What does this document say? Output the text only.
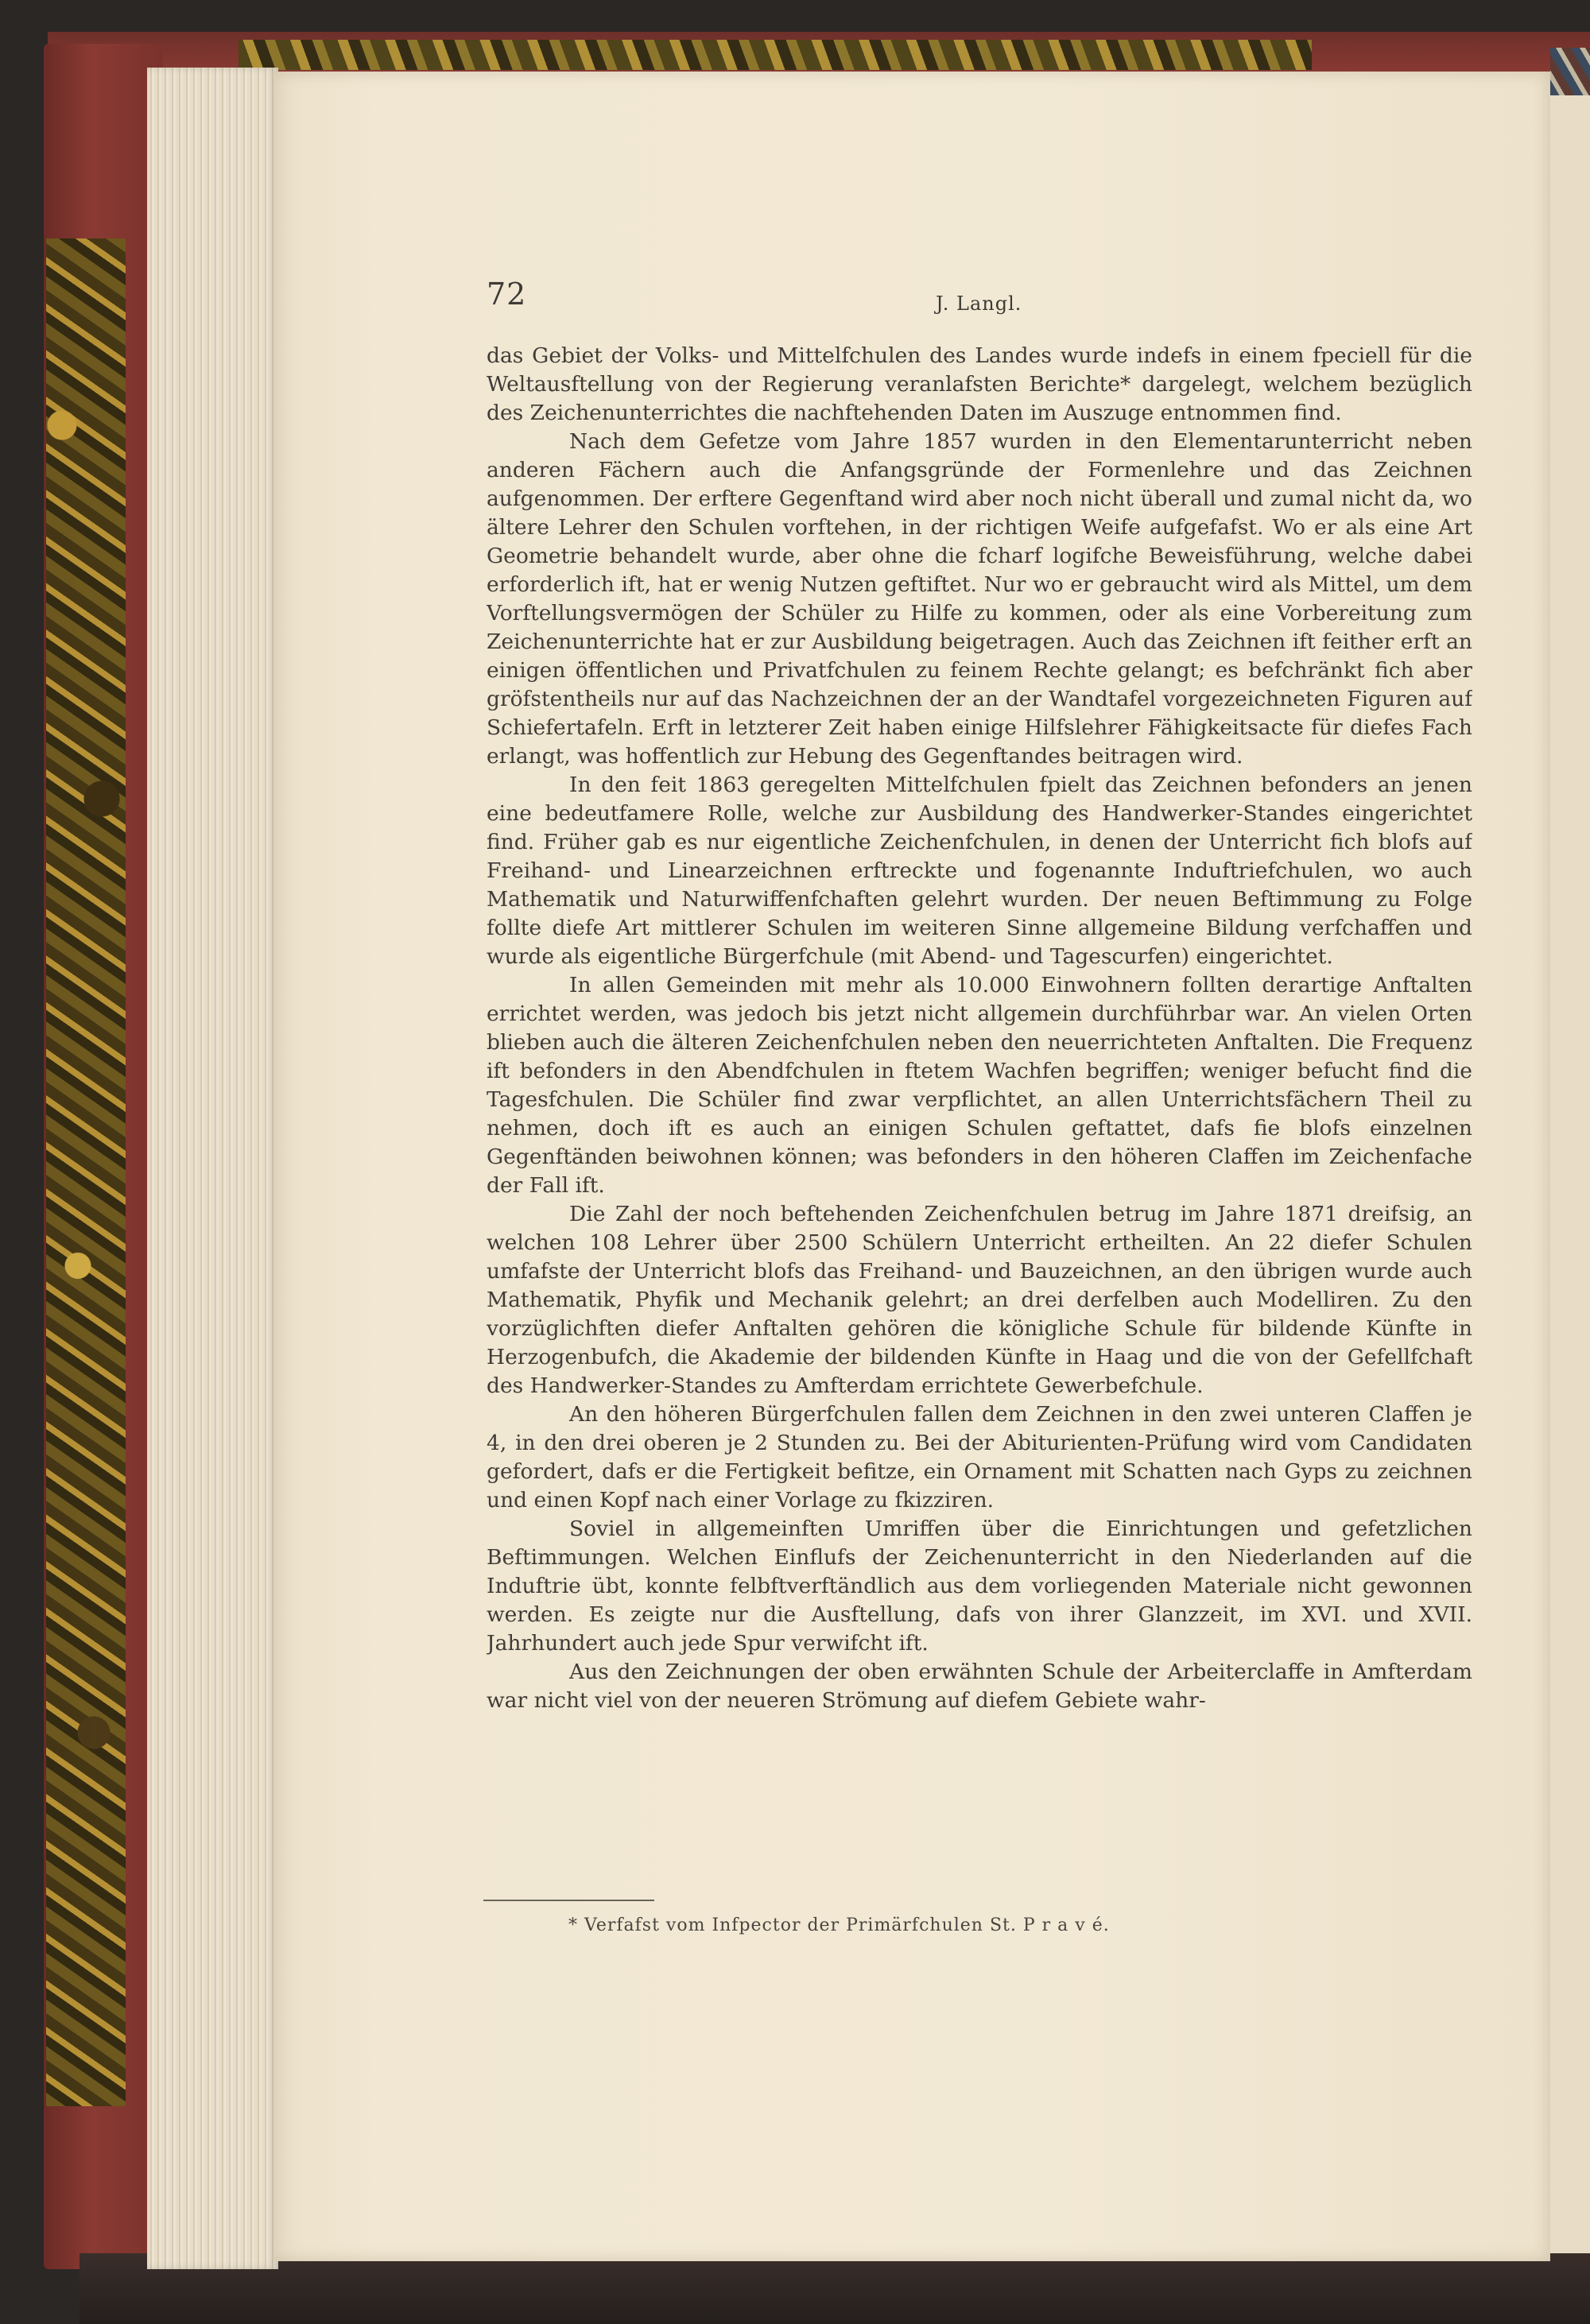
72	J. Langl.

das Gebiet der Volks- und Mittelfchulen des Landes wurde indefs in einem fpeciell für die Weltausftellung von der Regierung veranlafsten Berichte* dargelegt, welchem bezüglich des Zeichenunterrichtes die nachftehenden Daten im Auszuge entnommen find.

Nach dem Gefetze vom Jahre 1857 wurden in den Elementarunterricht neben anderen Fächern auch die Anfangsgründe der Formenlehre und das Zeichnen aufgenommen. Der erftere Gegenftand wird aber noch nicht überall und zumal nicht da, wo ältere Lehrer den Schulen vorftehen, in der richtigen Weife aufgefafst. Wo er als eine Art Geometrie behandelt wurde, aber ohne die fcharf logifche Beweisführung, welche dabei erforderlich ift, hat er wenig Nutzen geftiftet. Nur wo er gebraucht wird als Mittel, um dem Vorftellungsvermögen der Schüler zu Hilfe zu kommen, oder als eine Vorbereitung zum Zeichenunterrichte hat er zur Ausbildung beigetragen. Auch das Zeichnen ift feither erft an einigen öffentlichen und Privatfchulen zu feinem Rechte gelangt; es befchränkt fich aber gröfstentheils nur auf das Nachzeichnen der an der Wandtafel vorgezeichneten Figuren auf Schiefertafeln. Erft in letzterer Zeit haben einige Hilfslehrer Fähigkeitsacte für diefes Fach erlangt, was hoffentlich zur Hebung des Gegenftandes beitragen wird.

In den feit 1863 geregelten Mittelfchulen fpielt das Zeichnen befonders an jenen eine bedeutfamere Rolle, welche zur Ausbildung des Handwerker-Standes eingerichtet find. Früher gab es nur eigentliche Zeichenfchulen, in denen der Unterricht fich blofs auf Freihand- und Linearzeichnen erftreckte und fogenannte Induftriefchulen, wo auch Mathematik und Naturwiffenfchaften gelehrt wurden. Der neuen Beftimmung zu Folge follte diefe Art mittlerer Schulen im weiteren Sinne allgemeine Bildung verfchaffen und wurde als eigentliche Bürgerfchule (mit Abend- und Tagescurfen) eingerichtet.

In allen Gemeinden mit mehr als 10.000 Einwohnern follten derartige Anftalten errichtet werden, was jedoch bis jetzt nicht allgemein durchführbar war. An vielen Orten blieben auch die älteren Zeichenfchulen neben den neuerrichteten Anftalten. Die Frequenz ift befonders in den Abendfchulen in ftetem Wachfen begriffen; weniger befucht find die Tagesfchulen. Die Schüler find zwar verpflichtet, an allen Unterrichtsfächern Theil zu nehmen, doch ift es auch an einigen Schulen geftattet, dafs fie blofs einzelnen Gegenftänden beiwohnen können; was befonders in den höheren Claffen im Zeichenfache der Fall ift.

Die Zahl der noch beftehenden Zeichenfchulen betrug im Jahre 1871 dreifsig, an welchen 108 Lehrer über 2500 Schülern Unterricht ertheilten. An 22 diefer Schulen umfafste der Unterricht blofs das Freihand- und Bauzeichnen, an den übrigen wurde auch Mathematik, Phyfik und Mechanik gelehrt; an drei derfelben auch Modelliren. Zu den vorzüglichften diefer Anftalten gehören die königliche Schule für bildende Künfte in Herzogenbufch, die Akademie der bildenden Künfte in Haag und die von der Gefellfchaft des Handwerker-Standes zu Amfterdam errichtete Gewerbefchule.

An den höheren Bürgerfchulen fallen dem Zeichnen in den zwei unteren Claffen je 4, in den drei oberen je 2 Stunden zu. Bei der Abiturienten-Prüfung wird vom Candidaten gefordert, dafs er die Fertigkeit befitze, ein Ornament mit Schatten nach Gyps zu zeichnen und einen Kopf nach einer Vorlage zu fkizziren.

Soviel in allgemeinften Umriffen über die Einrichtungen und gefetzlichen Beftimmungen. Welchen Einflufs der Zeichenunterricht in den Niederlanden auf die Induftrie übt, konnte felbftverftändlich aus dem vorliegenden Materiale nicht gewonnen werden. Es zeigte nur die Ausftellung, dafs von ihrer Glanzzeit, im XVI. und XVII. Jahrhundert auch jede Spur verwifcht ift.

Aus den Zeichnungen der oben erwähnten Schule der Arbeiterclaffe in Amfterdam war nicht viel von der neueren Strömung auf diefem Gebiete wahr-

* Verfafst vom Infpector der Primärfchulen St. P r a v é.
